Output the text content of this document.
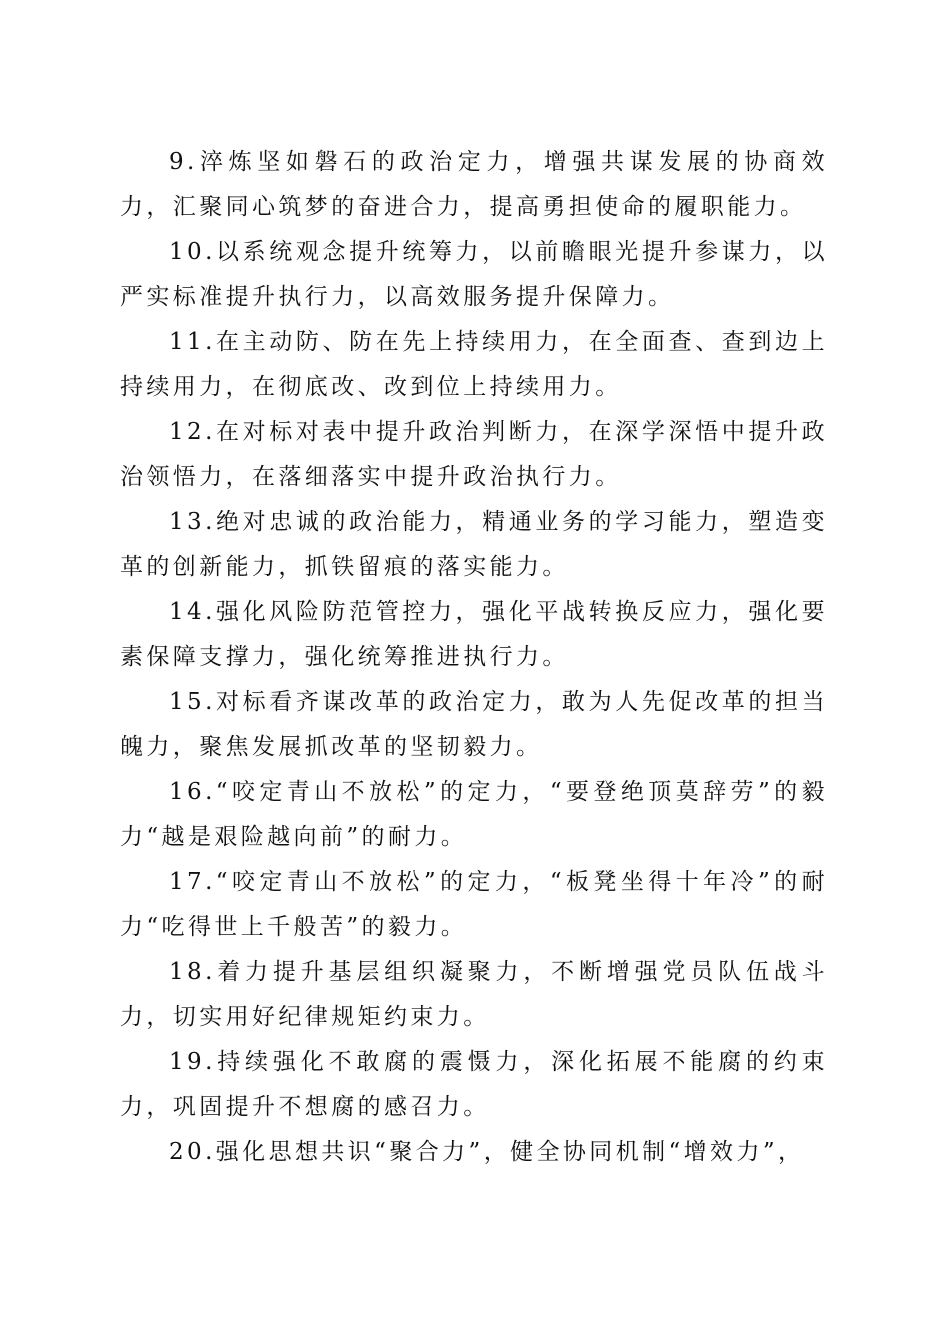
9.淬炼坚如磐石的政治定力，增强共谋发展的协商效力，汇聚同心筑梦的奋进合力，提高勇担使命的履职能力。

10.以系统观念提升统筹力，以前瞻眼光提升参谋力，以严实标准提升执行力，以高效服务提升保障力。

11.在主动防、防在先上持续用力，在全面查、查到边上持续用力，在彻底改、改到位上持续用力。

12.在对标对表中提升政治判断力，在深学深悟中提升政治领悟力，在落细落实中提升政治执行力。

13.绝对忠诚的政治能力，精通业务的学习能力，塑造变革的创新能力，抓铁留痕的落实能力。

14.强化风险防范管控力，强化平战转换反应力，强化要素保障支撑力，强化统筹推进执行力。

15.对标看齐谋改革的政治定力，敢为人先促改革的担当魄力，聚焦发展抓改革的坚韧毅力。

16.“咬定青山不放松”的定力，“要登绝顶莫辞劳”的毅力“越是艰险越向前”的耐力。

17.“咬定青山不放松”的定力，“板凳坐得十年冷”的耐力“吃得世上千般苦”的毅力。

18.着力提升基层组织凝聚力，不断增强党员队伍战斗力，切实用好纪律规矩约束力。

19.持续强化不敢腐的震慑力，深化拓展不能腐的约束力，巩固提升不想腐的感召力。

20.强化思想共识“聚合力”，健全协同机制“增效力”，
